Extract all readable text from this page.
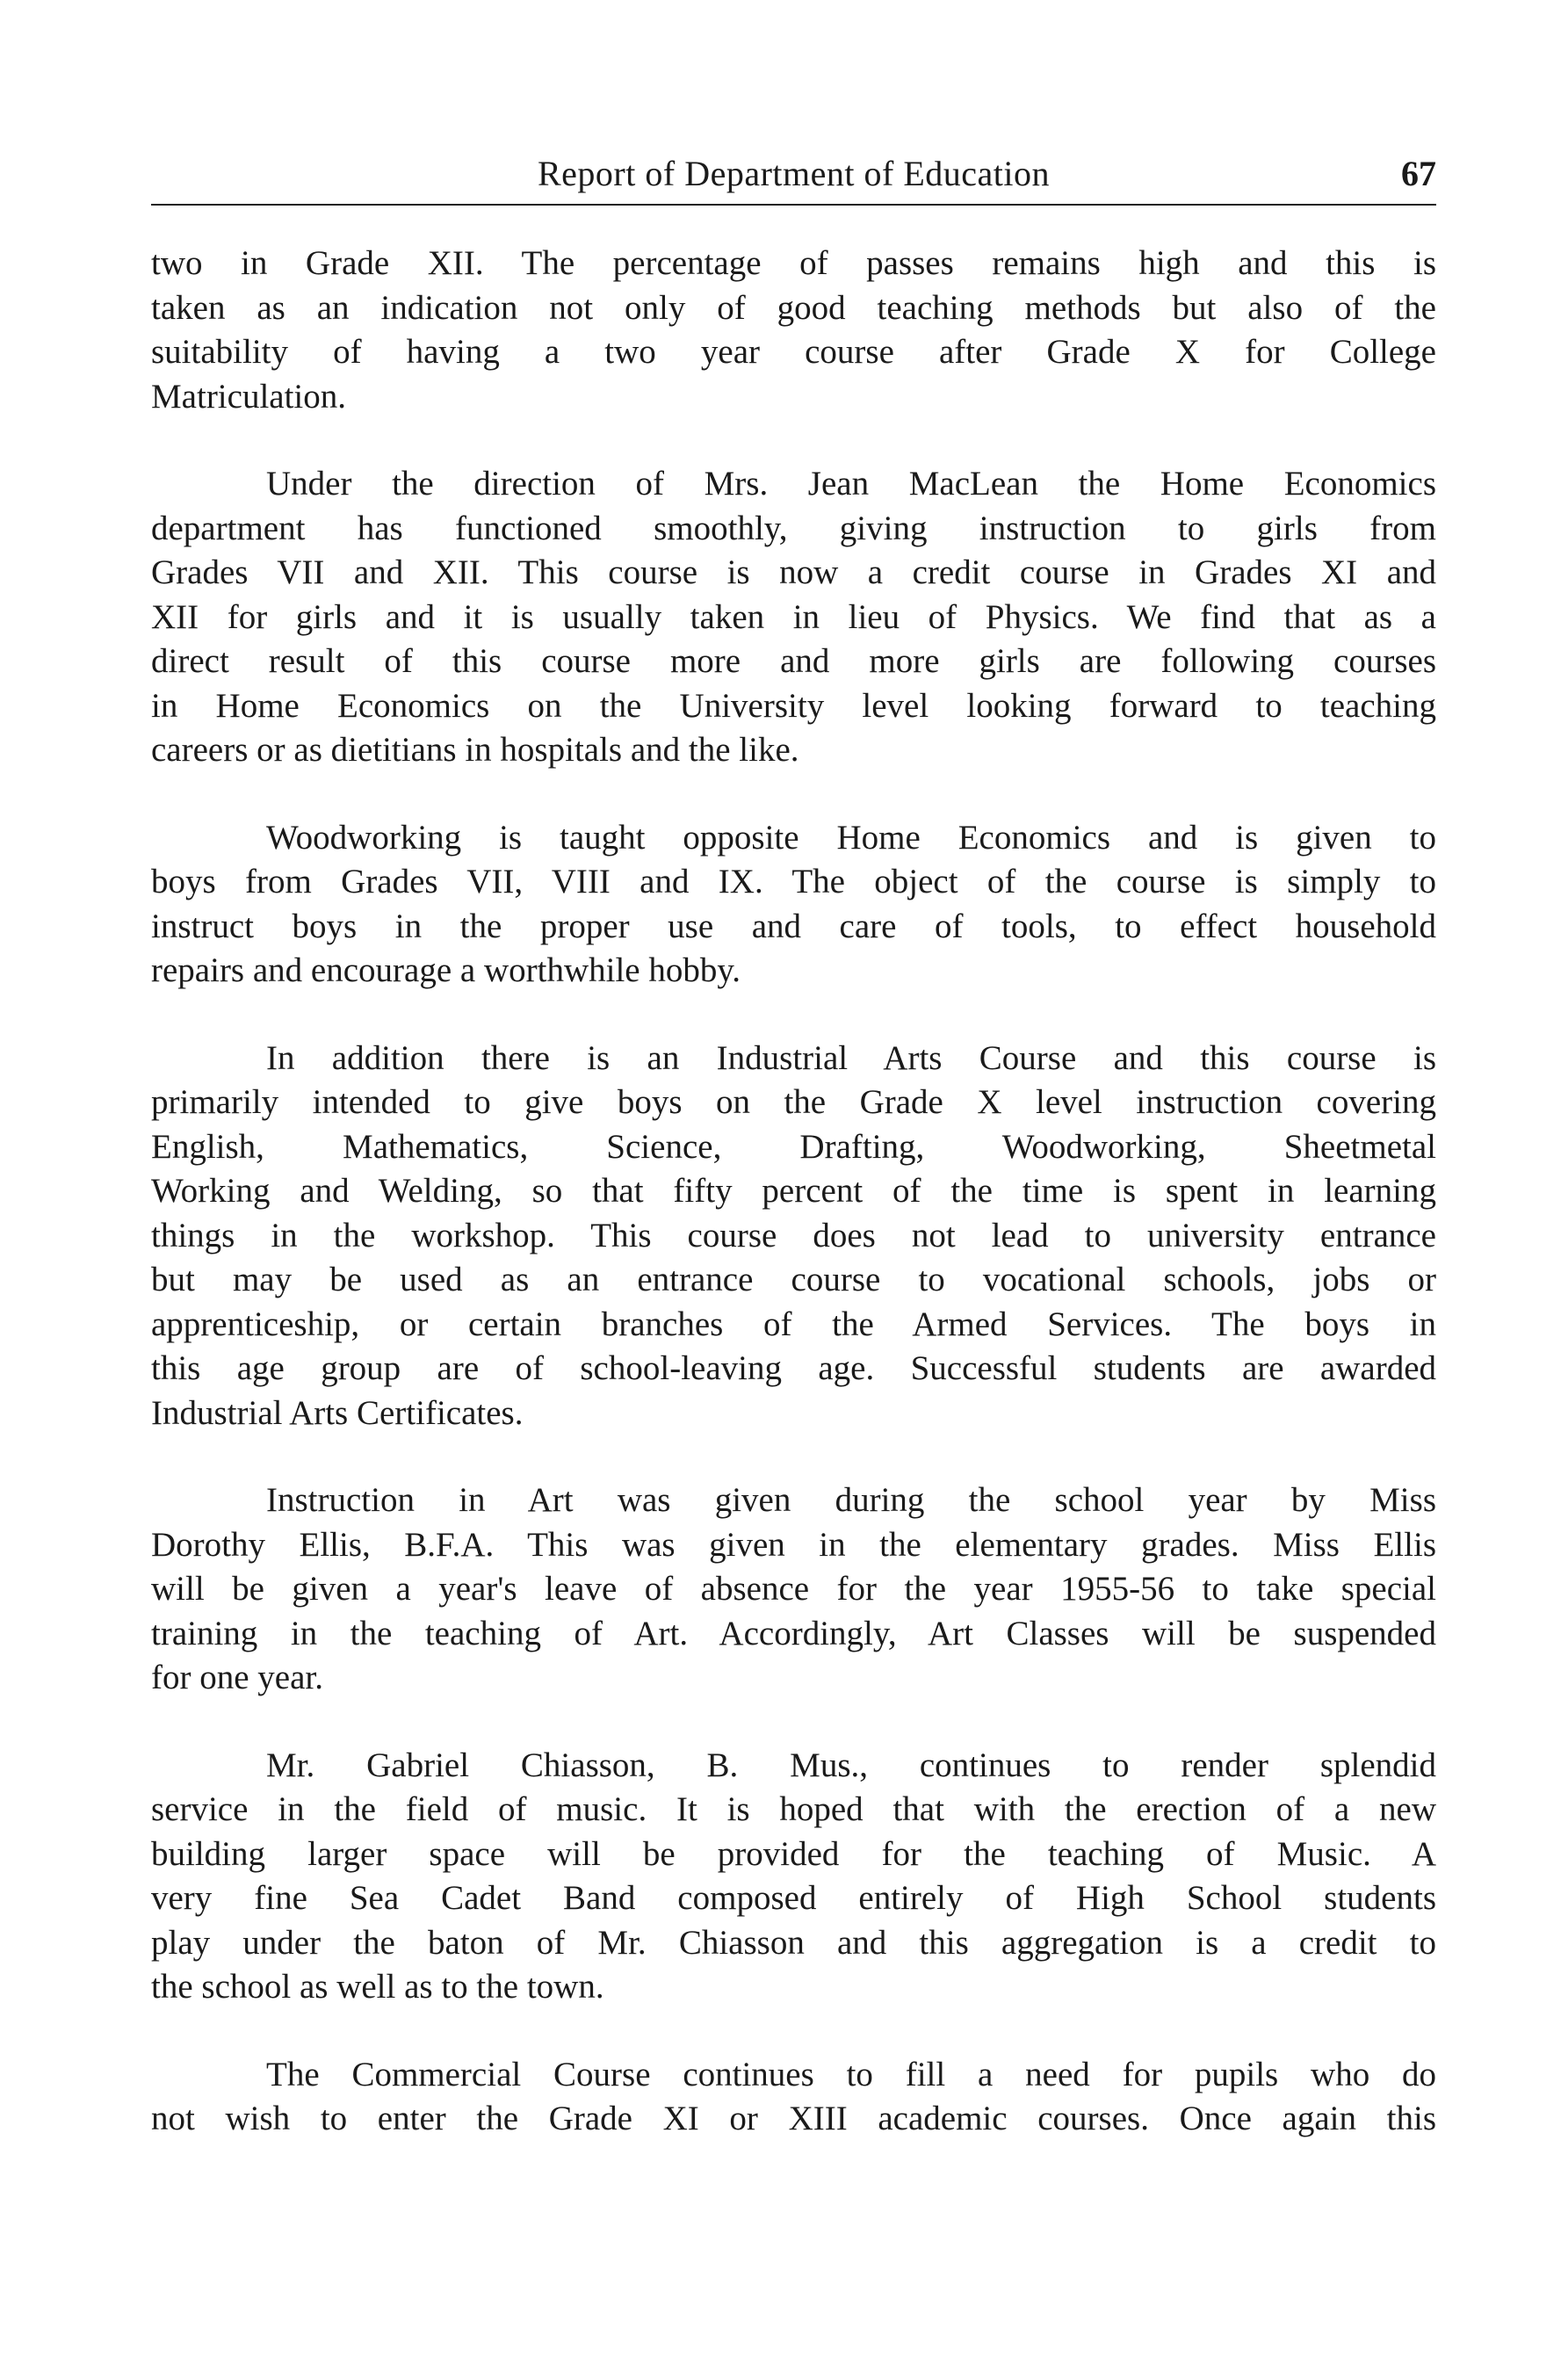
Report of Department of Education	67
two in Grade XII. The percentage of passes remains high and this is
taken as an indication not only of good teaching methods but also of the
suitability of having a two year course after Grade X for College
Matriculation.
Under the direction of Mrs. Jean MacLean the Home Economics
department has functioned smoothly, giving instruction to girls from
Grades VII and XII. This course is now a credit course in Grades XI and
XII for girls and it is usually taken in lieu of Physics. We find that as a
direct result of this course more and more girls are following courses
in Home Economics on the University level looking forward to teaching
careers or as dietitians in hospitals and the like.
Woodworking is taught opposite Home Economics and is given to
boys from Grades VII, VIII and IX. The object of the course is simply to
instruct boys in the proper use and care of tools, to effect household
repairs and encourage a worthwhile hobby.
In addition there is an Industrial Arts Course and this course is
primarily intended to give boys on the Grade X level instruction covering
English, Mathematics, Science, Drafting, Woodworking, Sheetmetal
Working and Welding, so that fifty percent of the time is spent in learning
things in the workshop. This course does not lead to university entrance
but may be used as an entrance course to vocational schools, jobs or
apprenticeship, or certain branches of the Armed Services. The boys in
this age group are of school-leaving age. Successful students are awarded
Industrial Arts Certificates.
Instruction in Art was given during the school year by Miss
Dorothy Ellis, B.F.A. This was given in the elementary grades. Miss Ellis
will be given a year's leave of absence for the year 1955-56 to take special
training in the teaching of Art. Accordingly, Art Classes will be suspended
for one year.
Mr. Gabriel Chiasson, B. Mus., continues to render splendid
service in the field of music. It is hoped that with the erection of a new
building larger space will be provided for the teaching of Music. A
very fine Sea Cadet Band composed entirely of High School students
play under the baton of Mr. Chiasson and this aggregation is a credit to
the school as well as to the town.
The Commercial Course continues to fill a need for pupils who do
not wish to enter the Grade XI or XIII academic courses. Once again this
